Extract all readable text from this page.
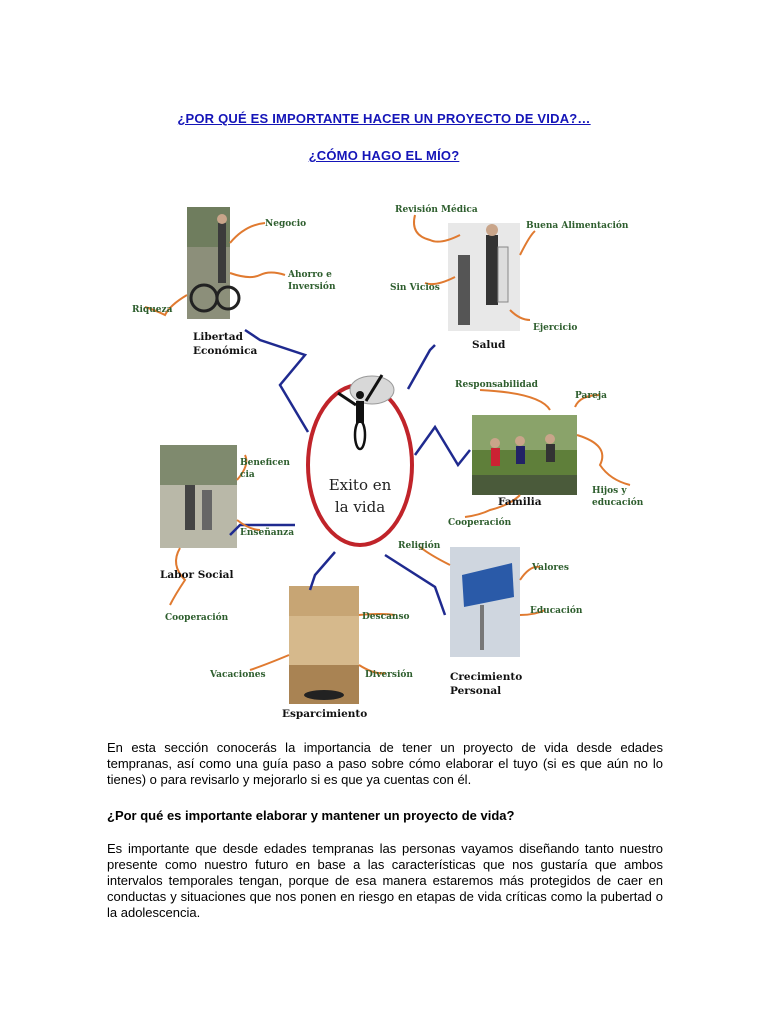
¿POR QUÉ ES IMPORTANTE HACER UN PROYECTO DE VIDA?…
¿CÓMO HAGO EL MÍO?
Exito en
la vida
Libertad
Económica	Salud
Familia
Labor Social
Esparcimiento
Crecimiento
Personal
Negocio
Ahorro e
Inversión
Riqueza
Revisión Médica
Buena Alimentación
Sin Vicios
Ejercicio
Responsabilidad
Pareja
Hijos y
educación
Cooperación
Beneficen
cia
Enseñanza
Cooperación	Descanso
Vacaciones	Diversión
Religión
Valores
Educación
En esta sección conocerás la importancia de tener un proyecto de vida desde edades tempranas, así como una guía paso a paso sobre cómo elaborar el tuyo (si es que aún no lo tienes) o para revisarlo y mejorarlo si es que ya cuentas con él.
¿Por qué es importante elaborar y mantener un proyecto de vida?
Es importante que desde edades tempranas las personas vayamos diseñando tanto nuestro presente como nuestro futuro en base a las características que nos gustaría que ambos intervalos temporales tengan, porque de esa manera estaremos más protegidos de caer en conductas y situaciones que nos ponen en riesgo en etapas de vida críticas como la pubertad o la adolescencia.
